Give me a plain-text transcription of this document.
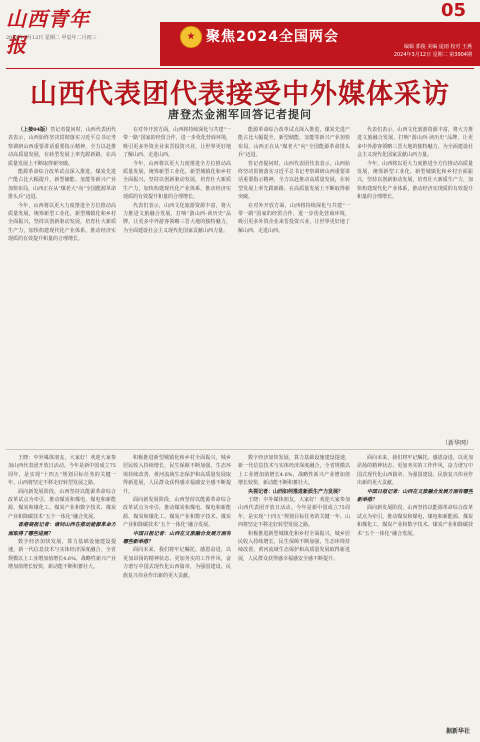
山西青年报
2024年3月12日 星期二 甲辰年二月初三
05
聚焦2024全国两会
编辑 郭俊 美编 庞雨 校对 王燕
2024年3月12日 星期二 第3904期
山西代表团代表接受中外媒体采访
唐登杰金湘军回答记者提问

（上接04版）答记者提问时，山西代表团代表表示，山西始终坚决贯彻落实习近平总书记考察调研山西重要讲话重要指示精神，全力以赴推动高质量发展，在转型发展上率先蹚新路，在高质量发展上不断取得新突破。

能源革命综合改革试点深入推进，煤炭先进产能占比大幅提升，新型储能、氢能等新兴产业加快布局，山西正在从“煤老大”向“全国能源革命排头兵”迈进。

今年，山西将以更大力度推进全方位推动高质量发展，统筹新型工业化、新型城镇化和乡村全面振兴，坚持以创新驱动发展，培育壮大新质生产力，加快构建现代化产业体系，推动经济实现质的有效提升和量的合理增长。

在对外开放方面，山西将持续深化与共建“一带一路”国家的经贸合作，进一步优化营商环境，吸引更多外资企业来晋投资兴业，让世界更好地了解山西、走进山西。

今年，山西将以更大力度推进全方位推动高质量发展，统筹新型工业化、新型城镇化和乡村全面振兴，坚持以创新驱动发展，培育壮大新质生产力，加快构建现代化产业体系，推动经济实现质的有效提升和量的合理增长。

代表们表示，山西文化旅游资源丰富，将大力推进文旅融合发展，打响“游山西·读历史”品牌，让更多中外游客领略三晋大地的独特魅力，为全面建设社会主义现代化国家贡献山西力量。

能源革命综合改革试点深入推进，煤炭先进产能占比大幅提升，新型储能、氢能等新兴产业加快布局，山西正在从“煤老大”向“全国能源革命排头兵”迈进。

答记者提问时，山西代表团代表表示，山西始终坚决贯彻落实习近平总书记考察调研山西重要讲话重要指示精神，全力以赴推动高质量发展，在转型发展上率先蹚新路，在高质量发展上不断取得新突破。

在对外开放方面，山西将持续深化与共建“一带一路”国家的经贸合作，进一步优化营商环境，吸引更多外资企业来晋投资兴业，让世界更好地了解山西、走进山西。

代表们表示，山西文化旅游资源丰富，将大力推进文旅融合发展，打响“游山西·读历史”品牌，让更多中外游客领略三晋大地的独特魅力，为全面建设社会主义现代化国家贡献山西力量。

今年，山西将以更大力度推进全方位推动高质量发展，统筹新型工业化、新型城镇化和乡村全面振兴，坚持以创新驱动发展，培育壮大新质生产力，加快构建现代化产业体系，推动经济实现质的有效提升和量的合理增长。

（新华网）

王晓：中外媒体朋友，大家好！欢迎大家参加山西代表团开放日活动。今年是新中国成立75周年，是实现“十四五”规划目标任务的关键一年。山西将坚定不移走好转型发展之路。

面向新发展阶段，山西坚持以能源革命综合改革试点为牵引，推动煤炭和煤电、煤电和新能源、煤炭和煤化工、煤炭产业和数字技术、煤炭产业和降碳技术“五个一体化”融合发展。

香港商报记者：请问山西在推动能源革命方面取得了哪些进展？

数字经济加快发展，算力基础设施建设提速，新一代信息技术与实体经济深度融合，全省规模以上工业增加值增长4.6%，战略性新兴产业增加值增长较快，新动能不断积蓄壮大。

积极推进新型城镇化和乡村全面振兴，城乡居民收入持续增长，民生保障不断加强，生态环境持续改善，黄河流域生态保护和高质量发展取得新进展，人民群众获得感幸福感安全感不断提升。

面向新发展阶段，山西坚持以能源革命综合改革试点为牵引，推动煤炭和煤电、煤电和新能源、煤炭和煤化工、煤炭产业和数字技术、煤炭产业和降碳技术“五个一体化”融合发展。

中国日报记者：山西在文旅融合发展方面有哪些新举措？

面向未来，我们将牢记嘱托、感恩奋进，以更加昂扬的精神状态、更加务实的工作作风，奋力谱写中国式现代化山西篇章，为强国建设、民族复兴伟业作出新的更大贡献。

数字经济加快发展，算力基础设施建设提速，新一代信息技术与实体经济深度融合，全省规模以上工业增加值增长4.6%，战略性新兴产业增加值增长较快，新动能不断积蓄壮大。

央视记者：山西如何推进新质生产力发展？

王晓：中外媒体朋友，大家好！欢迎大家参加山西代表团开放日活动。今年是新中国成立75周年，是实现“十四五”规划目标任务的关键一年。山西将坚定不移走好转型发展之路。

积极推进新型城镇化和乡村全面振兴，城乡居民收入持续增长，民生保障不断加强，生态环境持续改善，黄河流域生态保护和高质量发展取得新进展，人民群众获得感幸福感安全感不断提升。

面向未来，我们将牢记嘱托、感恩奋进，以更加昂扬的精神状态、更加务实的工作作风，奋力谱写中国式现代化山西篇章，为强国建设、民族复兴伟业作出新的更大贡献。

中国日报记者：山西在文旅融合发展方面有哪些新举措？

面向新发展阶段，山西坚持以能源革命综合改革试点为牵引，推动煤炭和煤电、煤电和新能源、煤炭和煤化工、煤炭产业和数字技术、煤炭产业和降碳技术“五个一体化”融合发展。

据新华社
